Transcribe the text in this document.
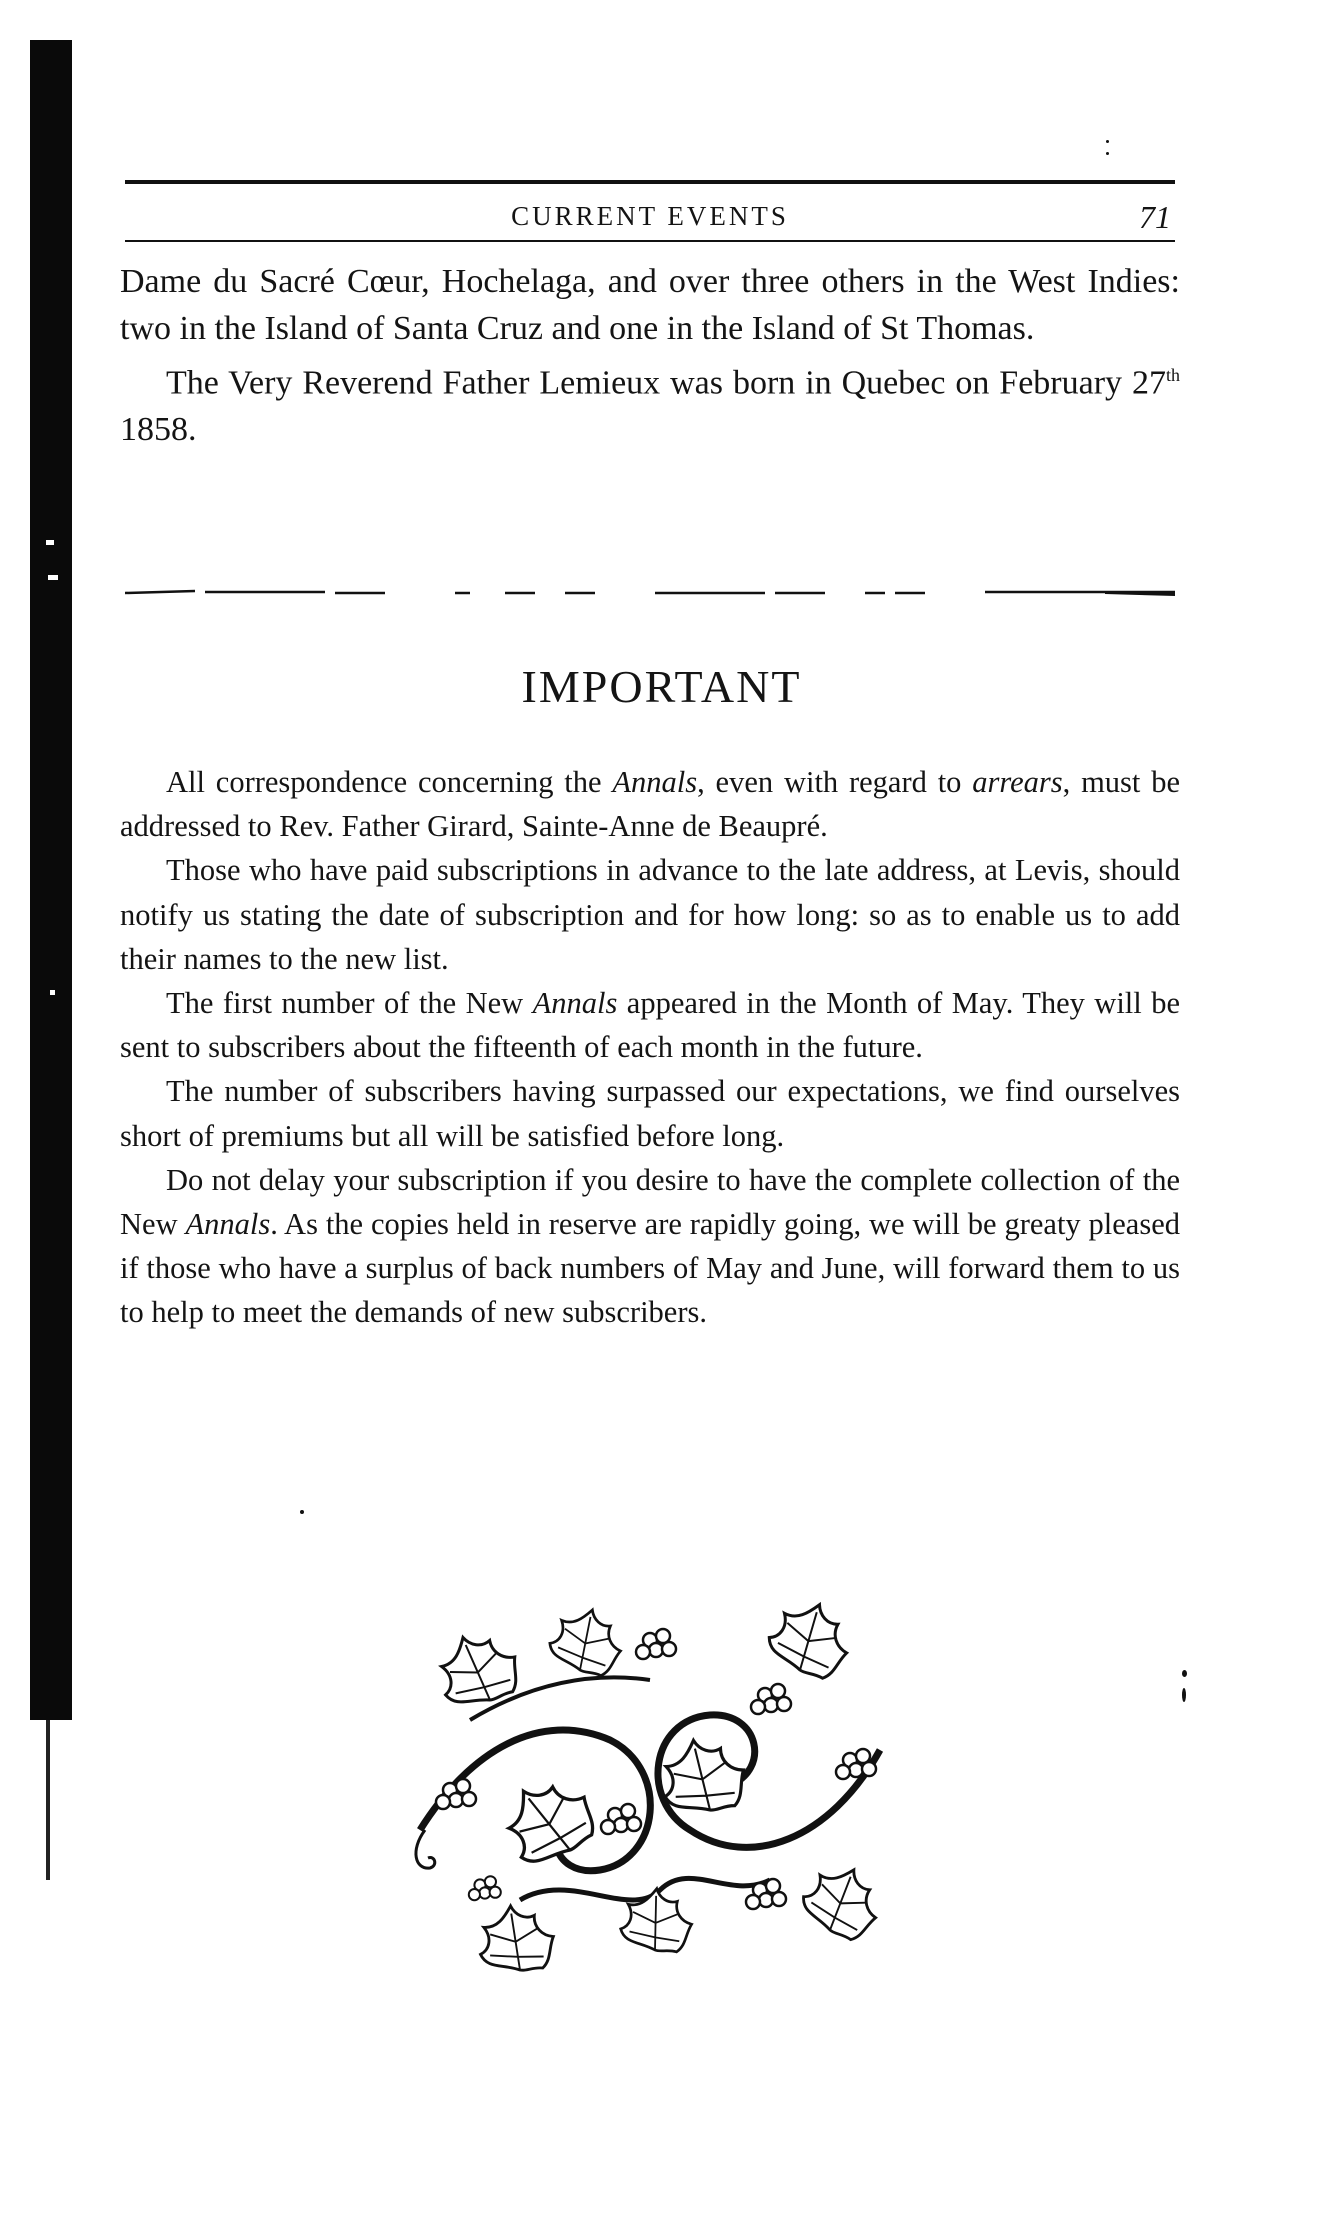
CURRENT EVENTS	71

Dame du Sacré Cœur, Hochelaga, and over three others in the West Indies: two in the Island of Santa Cruz and one in the Island of St Thomas.

The Very Reverend Father Lemieux was born in Quebec on February 27th 1858.

IMPORTANT

All correspondence concerning the Annals, even with regard to arrears, must be addressed to Rev. Father Girard, Sainte-Anne de Beaupré.

Those who have paid subscriptions in advance to the late address, at Levis, should notify us stating the date of subscription and for how long: so as to enable us to add their names to the new list.

The first number of the New Annals appeared in the Month of May. They will be sent to subscribers about the fifteenth of each month in the future.

The number of subscribers having surpassed our expectations, we find ourselves short of premiums but all will be satisfied before long.

Do not delay your subscription if you desire to have the complete collection of the New Annals. As the copies held in reserve are rapidly going, we will be greaty pleased if those who have a surplus of back numbers of May and June, will forward them to us to help to meet the demands of new subscribers.
